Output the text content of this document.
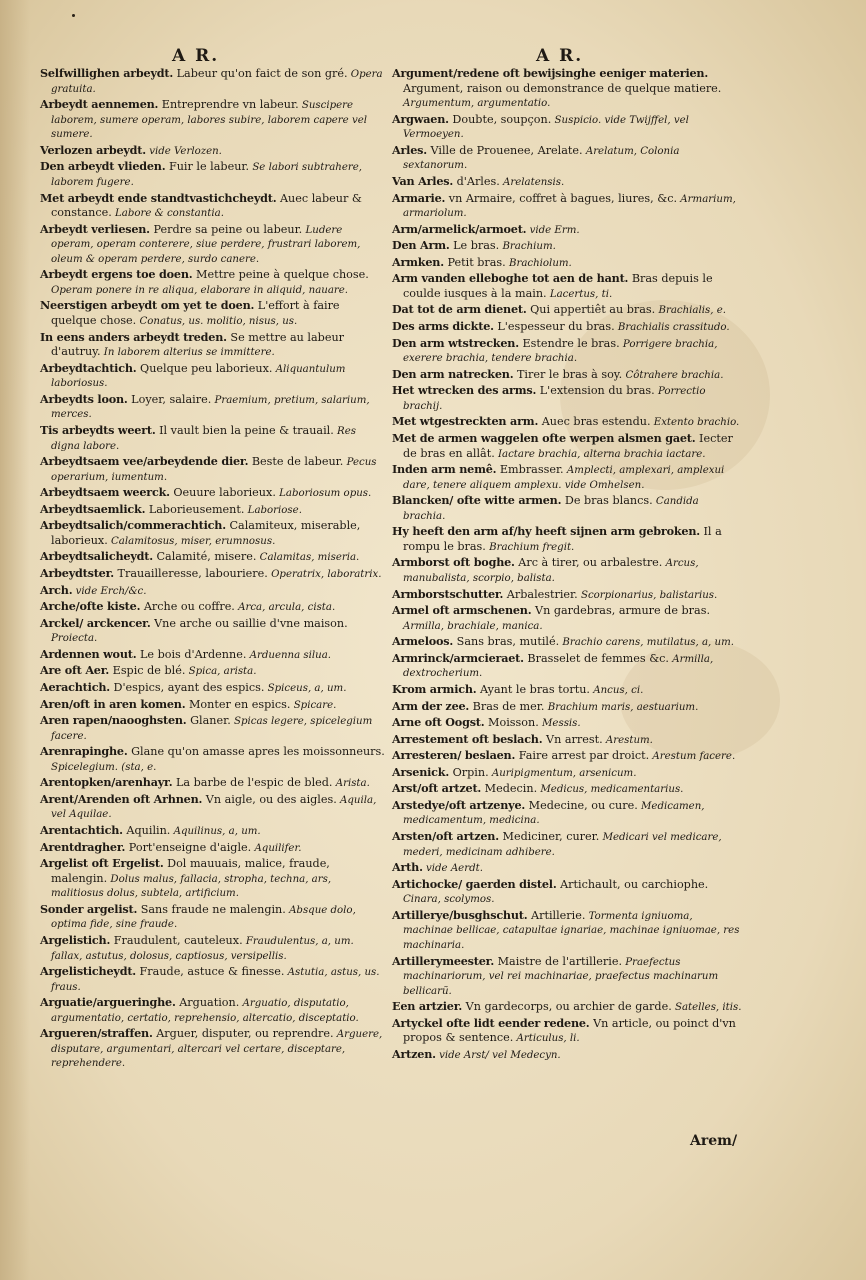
A R.	A R.
Selfwillighen arbeydt. Labeur qu'on faict de son gré. Opera gratuita.
Arbeydt aennemen. Entreprendre vn labeur. Suscipere laborem, sumere operam, labores subire, laborem capere vel sumere.
Verlozen arbeydt. vide Verlozen.
Den arbeydt vlieden. Fuir le labeur. Se labori subtrahere, laborem fugere.
Met arbeydt ende standtvastichcheydt. Auec labeur & constance. Labore & constantia.
Arbeydt verliesen. Perdre sa peine ou labeur. Ludere operam, operam conterere, siue perdere, frustrari laborem, oleum & operam perdere, surdo canere.
Arbeydt ergens toe doen. Mettre peine à quelque chose. Operam ponere in re aliqua, elaborare in aliquid, nauare.
Neerstigen arbeydt om yet te doen. L'effort à faire quelque chose. Conatus, us. molitio, nisus, us.
In eens anders arbeydt treden. Se mettre au labeur d'autruy. In laborem alterius se immittere.
Arbeydtachtich. Quelque peu laborieux. Aliquantulum laboriosus.
Arbeydts loon. Loyer, salaire. Praemium, pretium, salarium, merces.
Tis arbeydts weert. Il vault bien la peine & trauail. Res digna labore.
Arbeydtsaem vee/arbeydende dier. Beste de labeur. Pecus operarium, iumentum.
Arbeydtsaem weerck. Oeuure laborieux. Laboriosum opus.
Arbeydtsaemlick. Laborieusement. Laboriose.
Arbeydtsalich/commerachtich. Calamiteux, miserable, laborieux. Calamitosus, miser, erumnosus.
Arbeydtsalicheydt. Calamité, misere. Calamitas, miseria.
Arbeydtster. Trauailleresse, labouriere. Operatrix, laboratrix.
Arch. vide Erch/&c.
Arche/ofte kiste. Arche ou coffre. Arca, arcula, cista.
Arckel/ arckencer. Vne arche ou saillie d'vne maison. Proiecta.
Ardennen wout. Le bois d'Ardenne. Arduenna silua.
Are oft Aer. Espic de blé. Spica, arista.
Aerachtich. D'espics, ayant des espics. Spiceus, a, um.
Aren/oft in aren komen. Monter en espics. Spicare.
Aren rapen/naooghsten. Glaner. Spicas legere, spicelegium facere.
Arenrapinghe. Glane qu'on amasse apres les moissonneurs. Spicelegium. (sta, e.
Arentopken/arenhayr. La barbe de l'espic de bled. Arista.
Arent/Arenden oft Arhnen. Vn aigle, ou des aigles. Aquila, vel Aquilae.
Arentachtich. Aquilin. Aquilinus, a, um.
Arentdragher. Port'enseigne d'aigle. Aquilifer.
Argelist oft Ergelist. Dol mauuais, malice, fraude, malengin. Dolus malus, fallacia, strophа, techna, ars, malitiosus dolus, subtela, artificium.
Sonder argelist. Sans fraude ne malengin. Absque dolo, optima fide, sine fraude.
Argelistich. Fraudulent, cauteleux. Fraudulentus, a, um. fallax, astutus, dolosus, captiosus, versipellis.
Argelisticheydt. Fraude, astuce & finesse. Astutia, astus, us. fraus.
Arguatie/argueringhe. Arguation. Arguatio, disputatio, argumentatio, certatio, reprehensio, altercatio, disceptatio.
Argueren/straffen. Arguer, disputer, ou reprendre. Arguere, disputare, argumentari, altercari vel certare, disceptare, reprehendere.
Argument/redene oft bewijsinghe eeniger materien. Argument, raison ou demonstrance de quelque matiere. Argumentum, argumentatio.
Argwaen. Doubte, soupçon. Suspicio. vide Twijffel, vel Vermoeyen.
Arles. Ville de Prouenee, Arelate. Arelatum, Colonia sextanorum.
Van Arles. d'Arles. Arelatensis.
Armarie. vn Armaire, coffret à bagues, liures, &c. Armarium, armariolum.
Arm/armelick/armoet. vide Erm.
Den Arm. Le bras. Brachium.
Armken. Petit bras. Brachiolum.
Arm vanden elleboghe tot aen de hant. Bras depuis le coulde iusques à la main. Lacertus, ti.
Dat tot de arm dienet. Qui appertiêt au bras. Brachialis, e.
Des arms dickte. L'espesseur du bras. Brachialis crassitudo.
Den arm wtstrecken. Estendre le bras. Porrigere brachia, exerere brachia, tendere brachia.
Den arm natrecken. Tirer le bras à soy. Côtrahere brachia.
Het wtrecken des arms. L'extension du bras. Porrectio brachij.
Met wtgestreckten arm. Auec bras estendu. Extento brachio.
Met de armen waggelen ofte werpen alsmen gaet. Iecter de bras en allât. Iactare brachia, alterna brachia iactare.
Inden arm nemê. Embrasser. Amplecti, amplexari, amplexui dare, tenere aliquem amplexu. vide Omhelsen.
Blancken/ ofte witte armen. De bras blancs. Candida brachia.
Hy heeft den arm af/hy heeft sijnen arm gebroken. Il a rompu le bras. Brachium fregit.
Armborst oft boghe. Arc à tirer, ou arbalestre. Arcus, manubalista, scorpio, balista.
Armborstschutter. Arbalestrier. Scorpionarius, balistarius.
Armel oft armschenen. Vn gardebras, armure de bras. Armilla, brachiale, manica.
Armeloos. Sans bras, mutilé. Brachio carens, mutilatus, a, um.
Armrinck/armcieraet. Brasselet de femmes &c. Armilla, dextrocherium.
Krom armich. Ayant le bras tortu. Ancus, ci.
Arm der zee. Bras de mer. Brachium maris, aestuarium.
Arne oft Oogst. Moisson. Messis.
Arrestement oft beslach. Vn arrest. Arestum.
Arresteren/ beslaen. Faire arrest par droict. Arestum facere.
Arsenick. Orpin. Auripigmentum, arsenicum.
Arst/oft artzet. Medecin. Medicus, medicamentarius.
Arstedye/oft artzenye. Medecine, ou cure. Medicamen, medicamentum, medicina.
Arsten/oft artzen. Mediciner, curer. Medicari vel medicare, mederi, medicinam adhibere.
Arth. vide Aerdt.
Artichocke/ gaerden distel. Artichault, ou carchiophe. Cinara, scolymos.
Artillerye/busghschut. Artillerie. Tormenta igniuoma, machinae bellicae, catapultae ignariae, machinae igniuomae, res machinaria.
Artillerymeester. Maistre de l'artillerie. Praefectus machinariorum, vel rei machinariae, praefectus machinarum bellicarũ.
Een artzier. Vn gardecorps, ou archier de garde. Satelles, itis.
Artyckel ofte lidt eender redene. Vn article, ou poinct d'vn propos & sentence. Articulus, li.
Artzen. vide Arst/ vel Medecyn.
Arem/
